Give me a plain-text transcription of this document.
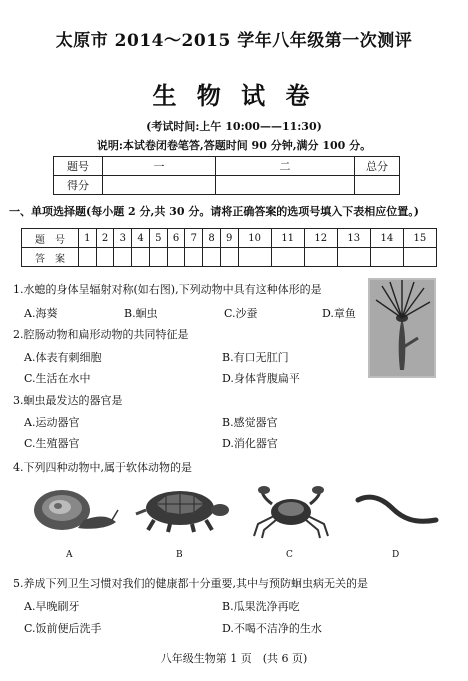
太原市 2014～2015 学年八年级第一次测评
生 物 试 卷
(考试时间:上午 10:00——11:30)
说明:本试卷闭卷笔答,答题时间 90 分钟,满分 100 分。
题号	一	二	总分
得分			
一、单项选择题(每小题 2 分,共 30 分。请将正确答案的选项号填入下表相应位置。)
题　号	1	2	3	4	5	6	7	8	9	10	11	12	13	14	15
答　案															
1.水螅的身体呈辐射对称(如右图),下列动物中具有这种体形的是
A.海葵	B.蛔虫	C.沙蚕	D.章鱼
2.腔肠动物和扁形动物的共同特征是
A.体表有刺细胞	B.有口无肛门
C.生活在水中	D.身体背腹扁平
3.蛔虫最发达的器官是
A.运动器官	B.感觉器官
C.生殖器官	D.消化器官
4.下列四种动物中,属于软体动物的是
A	B	C	D
5.养成下列卫生习惯对我们的健康都十分重要,其中与预防蛔虫病无关的是
A.早晚刷牙	B.瓜果洗净再吃
C.饭前便后洗手	D.不喝不洁净的生水
八年级生物第 1 页　(共 6 页)
